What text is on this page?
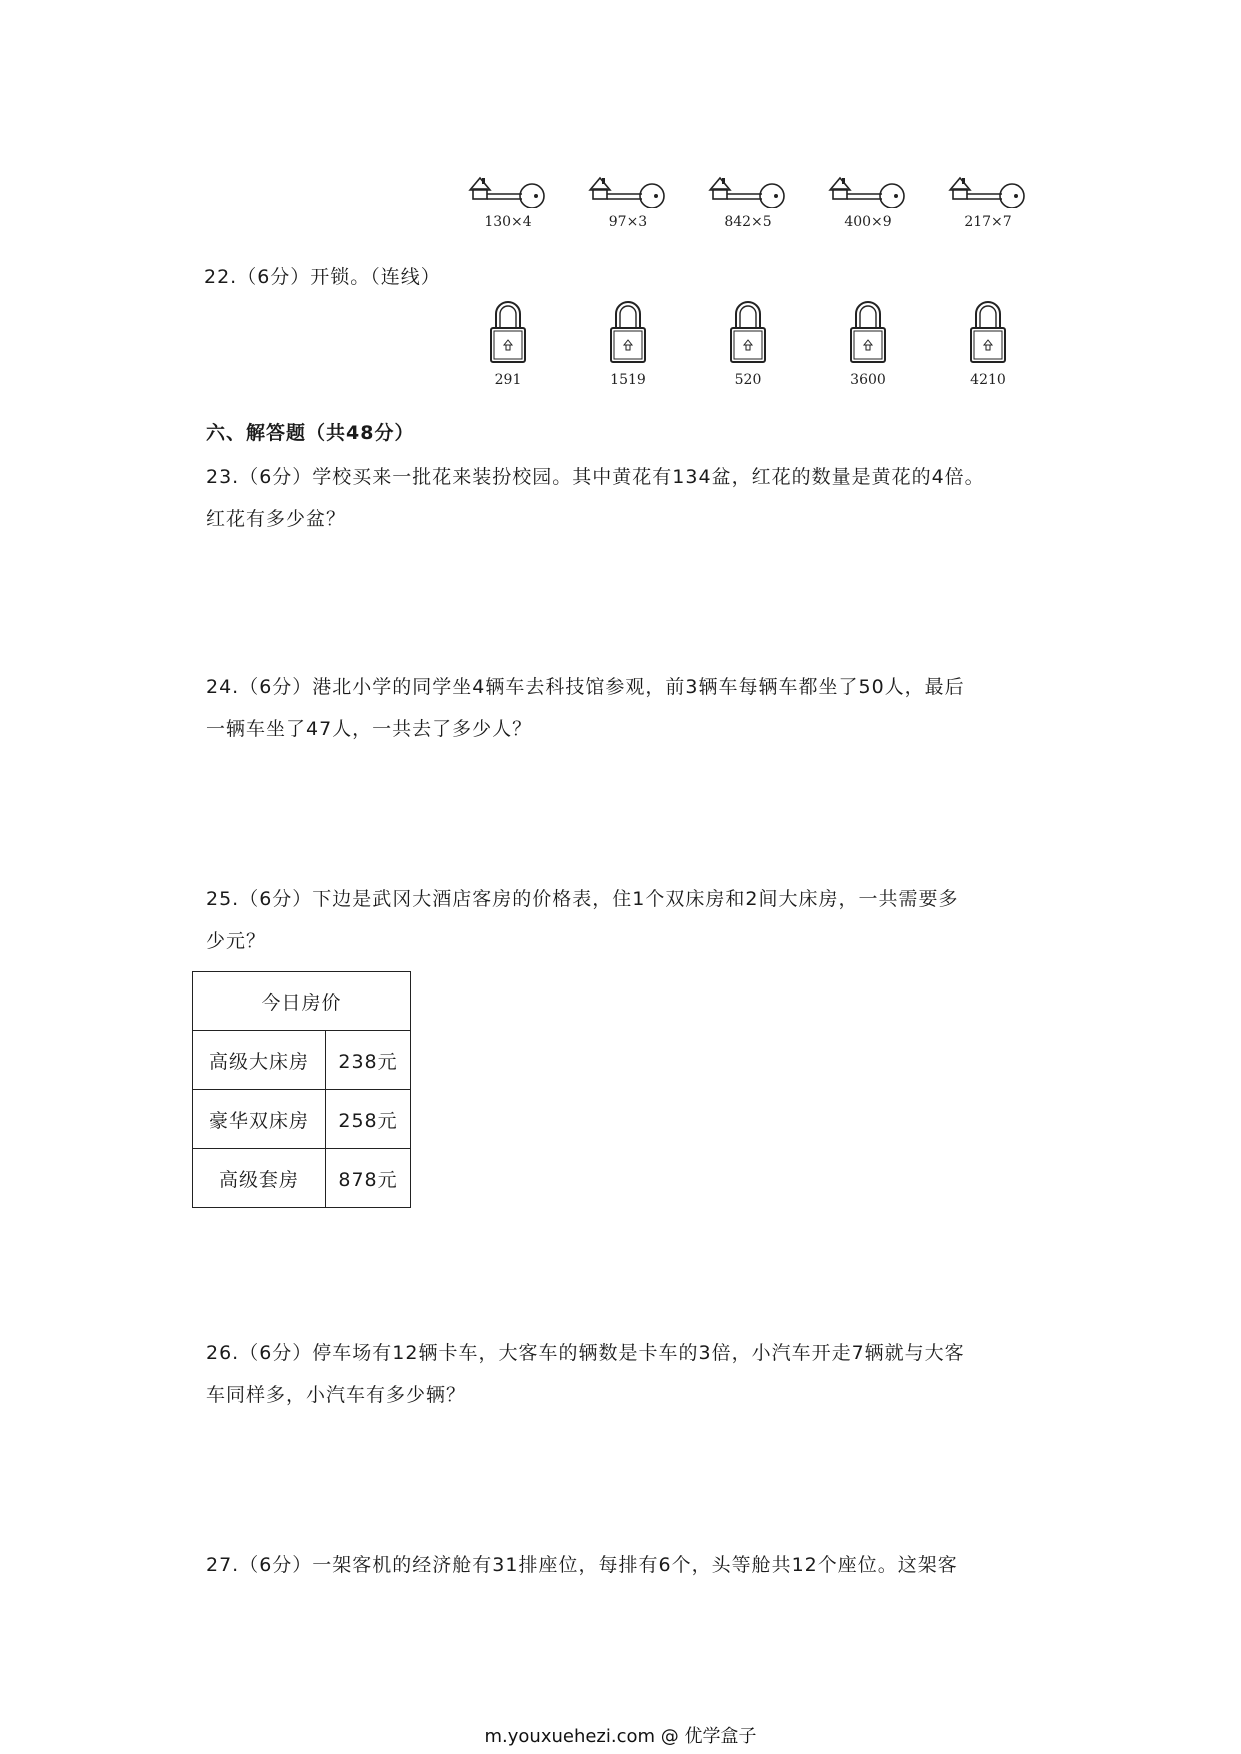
130×4	97×3	842×5	400×9	217×7
22.（6分）开锁。（连线）
291	1519	520	3600	4210
六、解答题（共48分）
23.（6分）学校买来一批花来装扮校园。其中黄花有134盆，红花的数量是黄花的4倍。
红花有多少盆？
24.（6分）港北小学的同学坐4辆车去科技馆参观，前3辆车每辆车都坐了50人，最后
一辆车坐了47人，一共去了多少人？
25.（6分）下边是武冈大酒店客房的价格表，住1个双床房和2间大床房，一共需要多
少元？
今日房价	
高级大床房	238元
豪华双床房	258元
高级套房	878元
26.（6分）停车场有12辆卡车，大客车的辆数是卡车的3倍，小汽车开走7辆就与大客
车同样多，小汽车有多少辆？
27.（6分）一架客机的经济舱有31排座位，每排有6个，头等舱共12个座位。这架客
m.youxuehezi.com @ 优学盒子
